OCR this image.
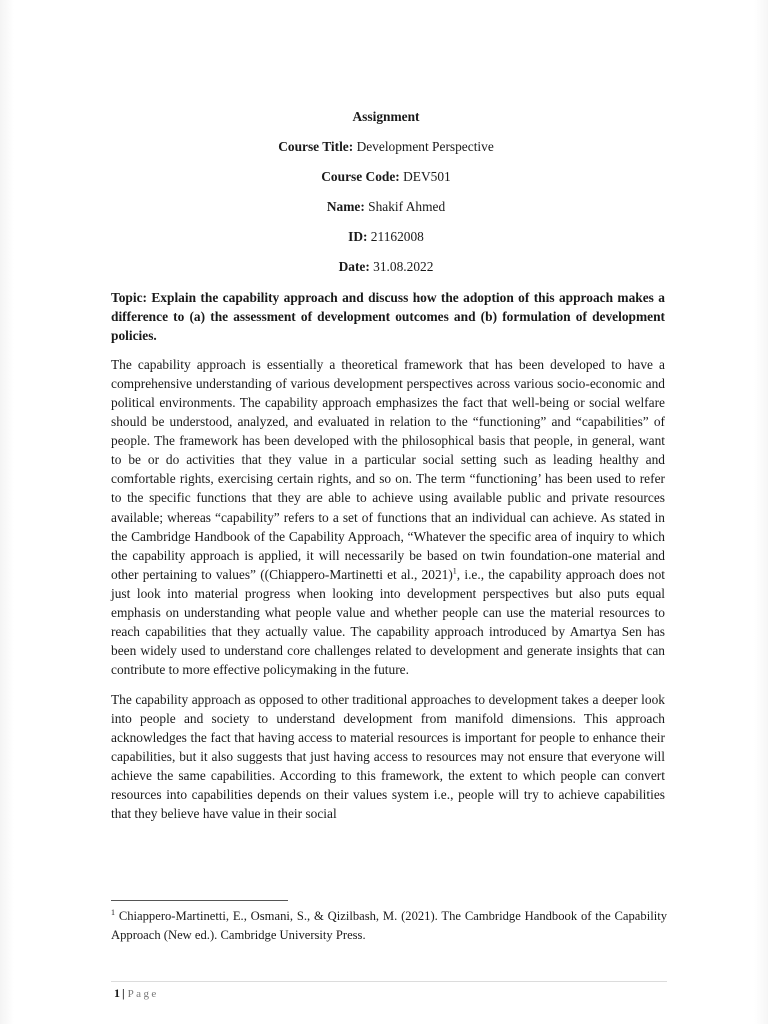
Assignment
Course Title: Development Perspective
Course Code: DEV501
Name: Shakif Ahmed
ID: 21162008
Date: 31.08.2022

Topic: Explain the capability approach and discuss how the adoption of this approach makes a difference to (a) the assessment of development outcomes and (b) formulation of development policies.

The capability approach is essentially a theoretical framework that has been developed to have a comprehensive understanding of various development perspectives across various socio-economic and political environments. The capability approach emphasizes the fact that well-being or social welfare should be understood, analyzed, and evaluated in relation to the “functioning” and “capabilities” of people. The framework has been developed with the philosophical basis that people, in general, want to be or do activities that they value in a particular social setting such as leading healthy and comfortable rights, exercising certain rights, and so on. The term “functioning’ has been used to refer to the specific functions that they are able to achieve using available public and private resources available; whereas “capability” refers to a set of functions that an individual can achieve. As stated in the Cambridge Handbook of the Capability Approach, “Whatever the specific area of inquiry to which the capability approach is applied, it will necessarily be based on twin foundation-one material and other pertaining to values” ((Chiappero-Martinetti et al., 2021)$^1$, i.e., the capability approach does not just look into material progress when looking into development perspectives but also puts equal emphasis on understanding what people value and whether people can use the material resources to reach capabilities that they actually value. The capability approach introduced by Amartya Sen has been widely used to understand core challenges related to development and generate insights that can contribute to more effective policymaking in the future.

The capability approach as opposed to other traditional approaches to development takes a deeper look into people and society to understand development from manifold dimensions. This approach acknowledges the fact that having access to material resources is important for people to enhance their capabilities, but it also suggests that just having access to resources may not ensure that everyone will achieve the same capabilities. According to this framework, the extent to which people can convert resources into capabilities depends on their values system i.e., people will try to achieve capabilities that they believe have value in their social

$^1$ Chiappero-Martinetti, E., Osmani, S., & Qizilbash, M. (2021). The Cambridge Handbook of the Capability Approach (New ed.). Cambridge University Press.
1 | Page
